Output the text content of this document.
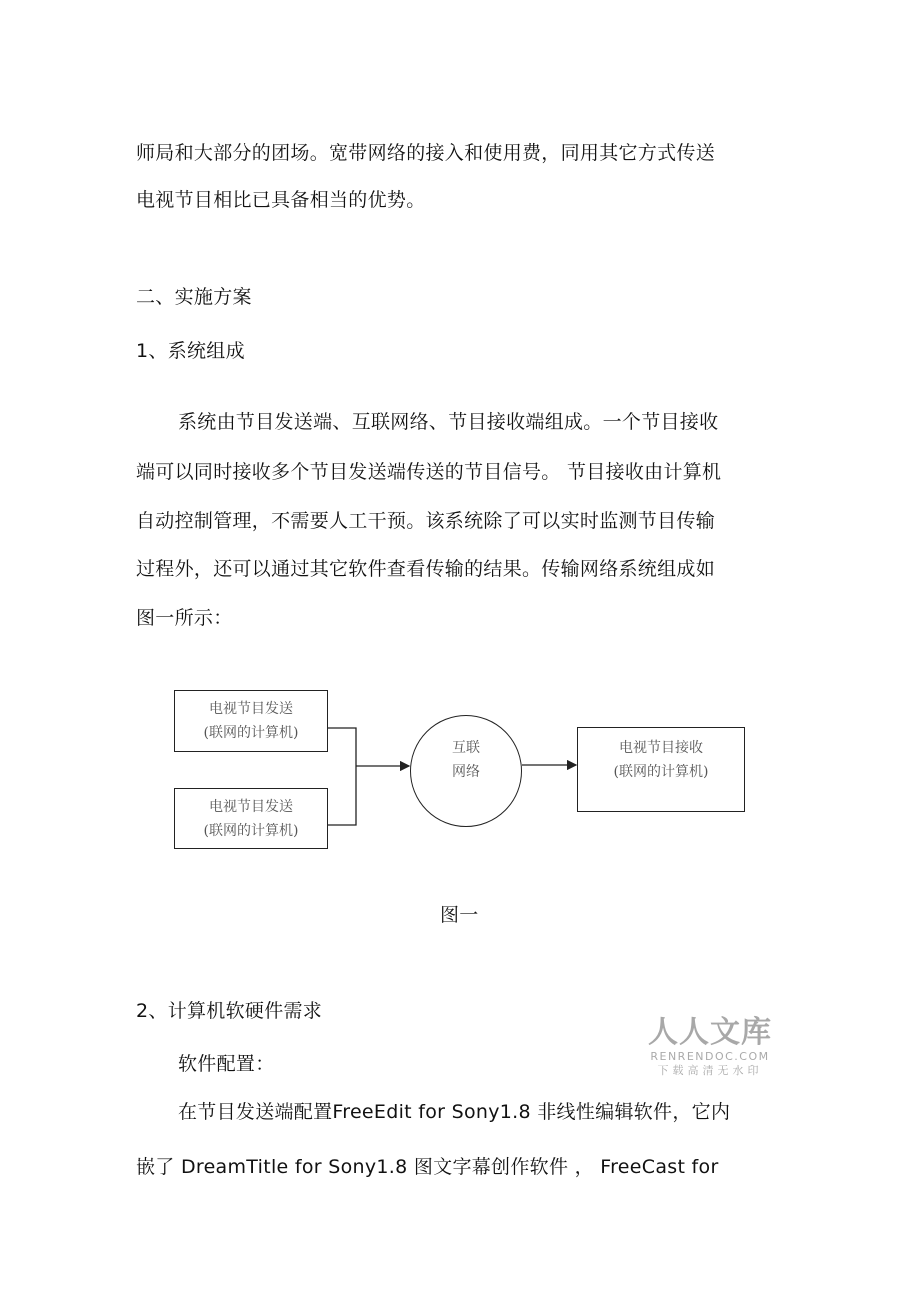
师局和大部分的团场。宽带网络的接入和使用费，同用其它方式传送
电视节目相比已具备相当的优势。
二、实施方案
1、系统组成
系统由节目发送端、互联网络、节目接收端组成。一个节目接收
端可以同时接收多个节目发送端传送的节目信号。 节目接收由计算机
自动控制管理，不需要人工干预。该系统除了可以实时监测节目传输
过程外，还可以通过其它软件查看传输的结果。传输网络系统组成如
图一所示：
电视节目发送
(联网的计算机)
电视节目发送
(联网的计算机)
互联
网络
电视节目接收
(联网的计算机)
图一
2、计算机软硬件需求
软件配置：
在节目发送端配置FreeEdit for Sony1.8 非线性编辑软件，它内
嵌了 DreamTitle for Sony1.8 图文字幕创作软件 ， FreeCast for
人人文库
RENRENDOC.COM
下载高清无水印
